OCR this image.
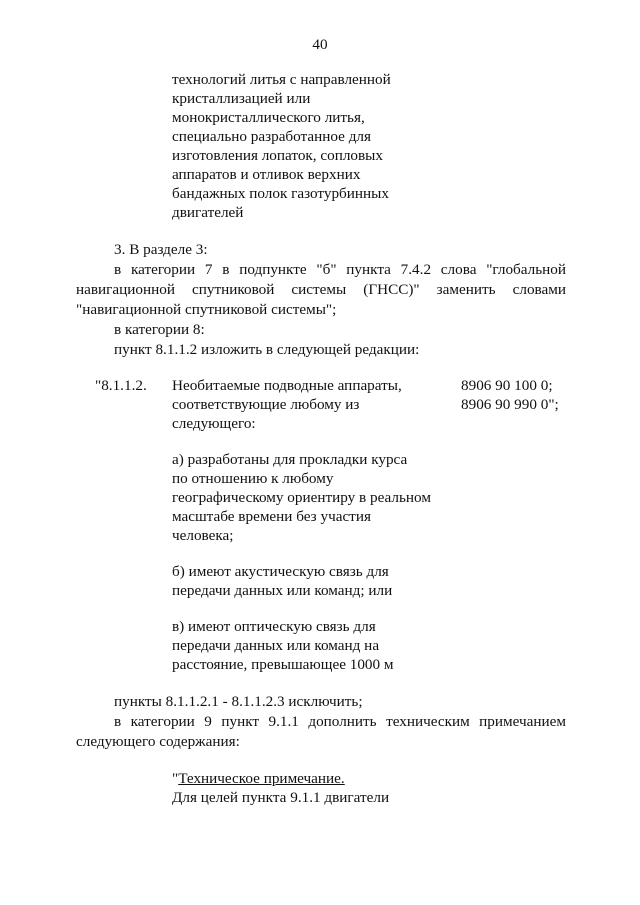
40
технологий литья с направленной
кристаллизацией или
монокристаллического литья,
специально разработанное для
изготовления лопаток, сопловых
аппаратов и отливок верхних
бандажных полок газотурбинных
двигателей
3. В разделе 3:
в категории 7 в подпункте "б" пункта 7.4.2 слова "глобальной
навигационной спутниковой системы (ГНСС)" заменить словами
"навигационной спутниковой системы";
в категории 8:
пункт 8.1.1.2 изложить в следующей редакции:
"8.1.1.2. Необитаемые подводные аппараты,
соответствующие любому из
следующего:
8906 90 100 0;
8906 90 990 0";
а) разработаны для прокладки курса
по отношению к любому
географическому ориентиру в реальном
масштабе времени без участия
человека;
б) имеют акустическую связь для
передачи данных или команд; или
в) имеют оптическую связь для
передачи данных или команд на
расстояние, превышающее 1000 м
пункты 8.1.1.2.1 - 8.1.1.2.3 исключить;
в категории 9 пункт 9.1.1 дополнить техническим примечанием
следующего содержания:
"Техническое примечание.
Для целей пункта 9.1.1 двигатели
